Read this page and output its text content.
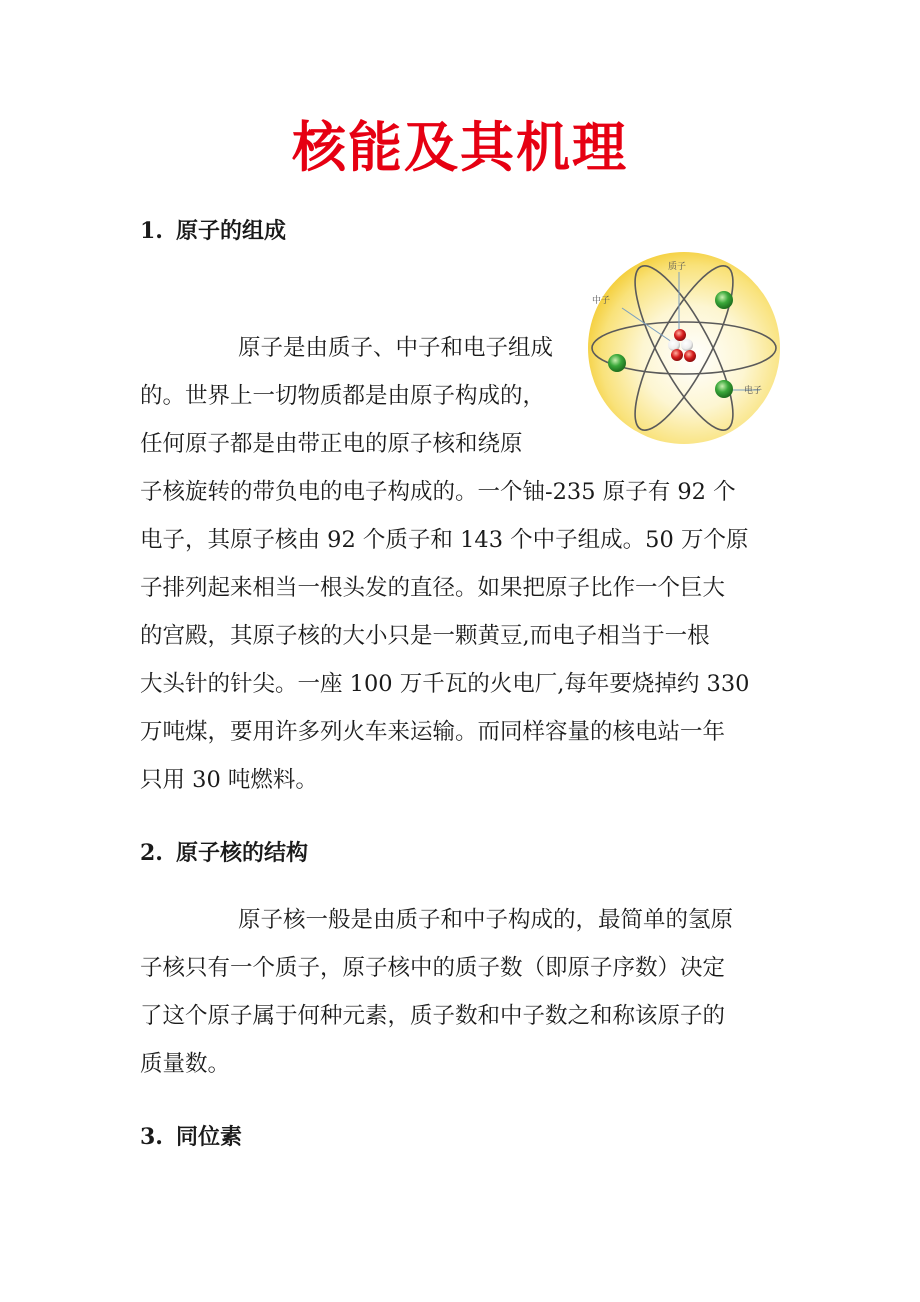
核能及其机理
1. 原子的组成
质子
中子
电子
原子是由质子、中子和电子组成
的。世界上一切物质都是由原子构成的，
任何原子都是由带正电的原子核和绕原
子核旋转的带负电的电子构成的。一个铀-235 原子有 92 个
电子，其原子核由 92 个质子和 143 个中子组成。50 万个原
子排列起来相当一根头发的直径。如果把原子比作一个巨大
的宫殿，其原子核的大小只是一颗黄豆,而电子相当于一根
大头针的针尖。一座 100 万千瓦的火电厂,每年要烧掉约 330
万吨煤，要用许多列火车来运输。而同样容量的核电站一年
只用 30 吨燃料。
2. 原子核的结构
原子核一般是由质子和中子构成的，最简单的氢原
子核只有一个质子，原子核中的质子数（即原子序数）决定
了这个原子属于何种元素，质子数和中子数之和称该原子的
质量数。
3. 同位素
